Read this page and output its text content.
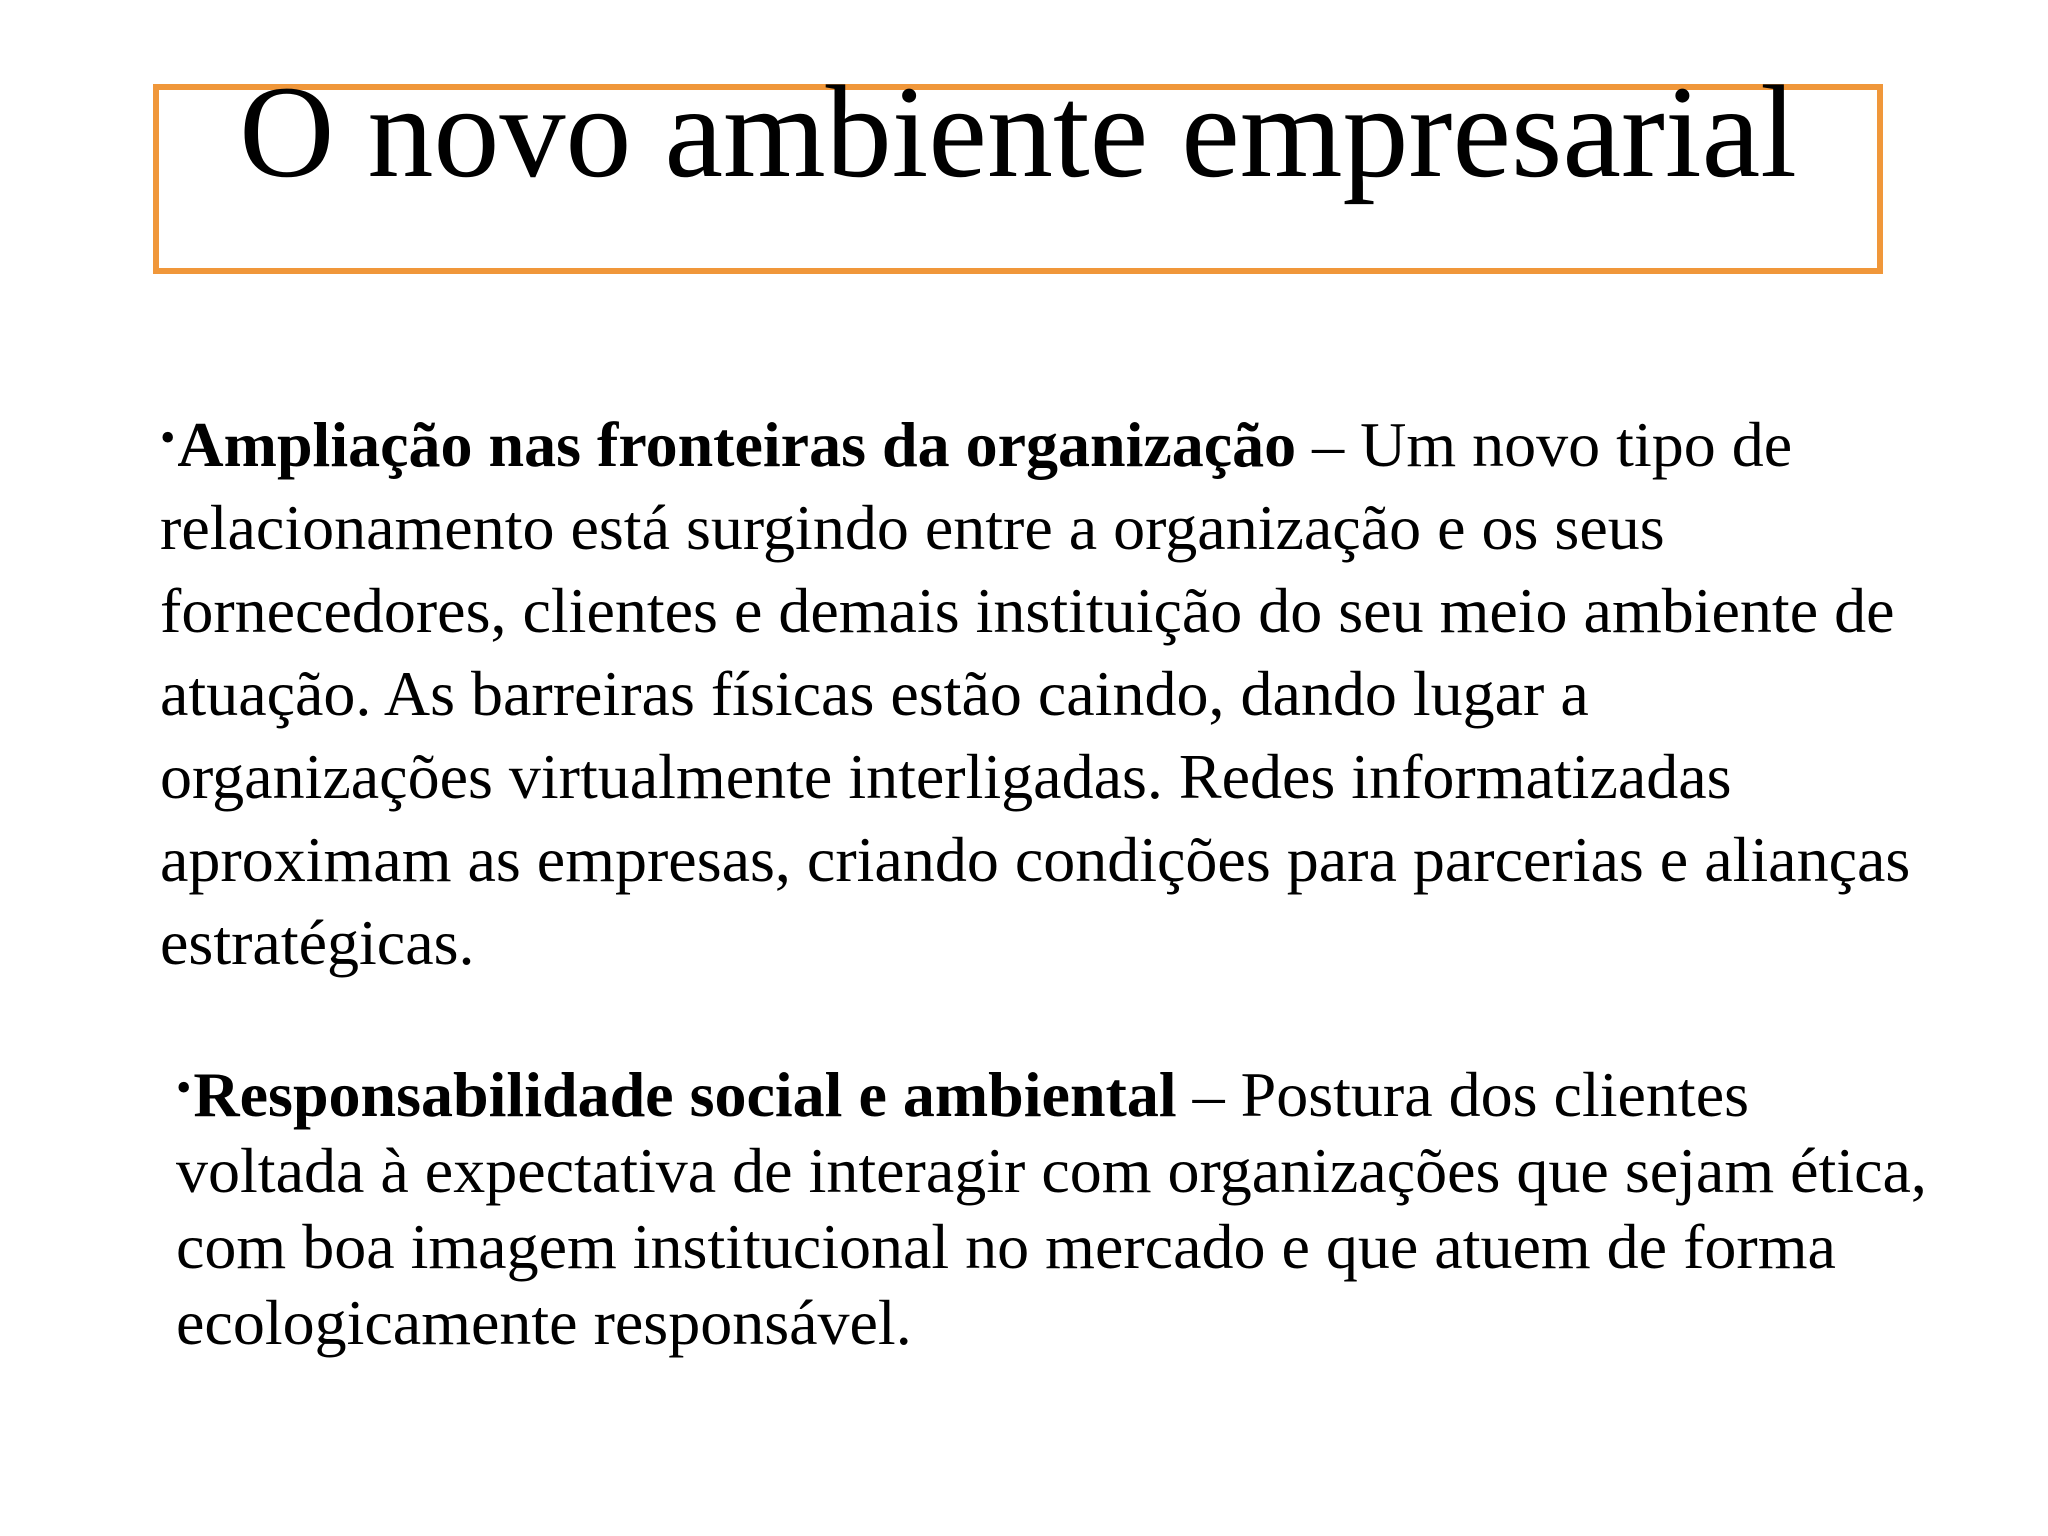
O novo ambiente empresarial

•Ampliação nas fronteiras da organização – Um novo tipo de relacionamento está surgindo entre a organização e os seus fornecedores, clientes e demais instituição do seu meio ambiente de atuação. As barreiras físicas estão caindo, dando lugar a organizações virtualmente interligadas. Redes informatizadas aproximam as empresas, criando condições para parcerias e alianças estratégicas.

•Responsabilidade social e ambiental – Postura dos clientes voltada à expectativa de interagir com organizações que sejam ética, com boa imagem institucional no mercado e que atuem de forma ecologicamente responsável.
